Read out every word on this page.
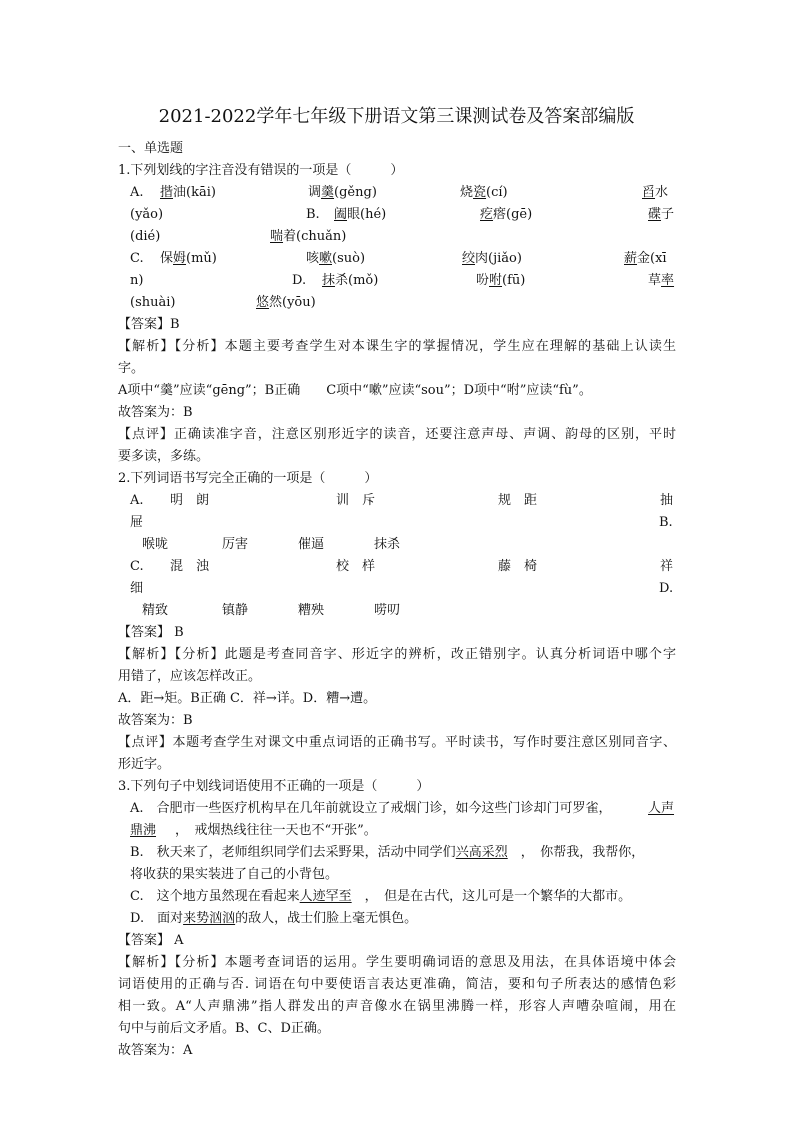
2021-2022学年七年级下册语文第三课测试卷及答案部编版
一、单选题
1.下列划线的字注音没有错误的一项是（　　　）
A. 揩油(kāi)	调羹(gěng)	烧瓷(cí)	舀水
(yǎo)	B. 阖眼(hé)	疙瘩(gē)	碟子
(dié)	喘着(chuǎn)
C. 保姆(mǔ)	咳嗽(suò)	绞肉(jiǎo)	薪金(xī
n)	D. 抹杀(mǒ)	吩咐(fū)	草率
(shuài)	悠然(yōu)
【答案】B
【解析】【分析】本题主要考查学生对本课生字的掌握情况，学生应在理解的基础上认读生
字。
A项中“羹”应读“gēng”；B正确　　C项中“嗽”应读“sou”；D项中“咐”应读“fù”。
故答案为：B
【点评】正确读准字音，注意区别形近字的读音，还要注意声母、声调、韵母的区别，平时
要多读，多练。
2.下列词语书写完全正确的一项是（　　　）
A. 明　朗	训　斥	规　距	抽
屉	B.
喉咙	厉害	催逼	抹杀
C. 混　浊	校　样	藤　椅	祥
细	D.
精致	镇静	糟殃	唠叨
【答案】 B
【解析】【分析】此题是考查同音字、形近字的辨析，改正错别字。认真分析词语中哪个字
用错了，应该怎样改正。
A．距→矩。B正确 C．祥→详。D．糟→遭。
故答案为：B
【点评】本题考查学生对课文中重点词语的正确书写。平时读书，写作时要注意区别同音字、
形近字。
3.下列句子中划线词语使用不正确的一项是（　　　）
A.　合肥市一些医疗机构早在几年前就设立了戒烟门诊，如今这些门诊却门可罗雀，	人声
鼎沸 　，　戒烟热线往往一天也不“开张”。
B.　秋天来了，老师组织同学们去采野果，活动中同学们兴高采烈　，　你帮我，我帮你，
将收获的果实装进了自己的小背包。
C.　这个地方虽然现在看起来人迹罕至　，　但是在古代，这儿可是一个繁华的大都市。
D.　面对来势汹汹的敌人，战士们脸上毫无惧色。
【答案】 A
【解析】【分析】本题考查词语的运用。学生要明确词语的意思及用法，在具体语境中体会
词语使用的正确与否. 词语在句中要使语言表达更准确，简洁，要和句子所表达的感情色彩
相一致。A“人声鼎沸”指人群发出的声音像水在锅里沸腾一样，形容人声嘈杂喧闹，用在
句中与前后文矛盾。B、C、D正确。
故答案为：A
